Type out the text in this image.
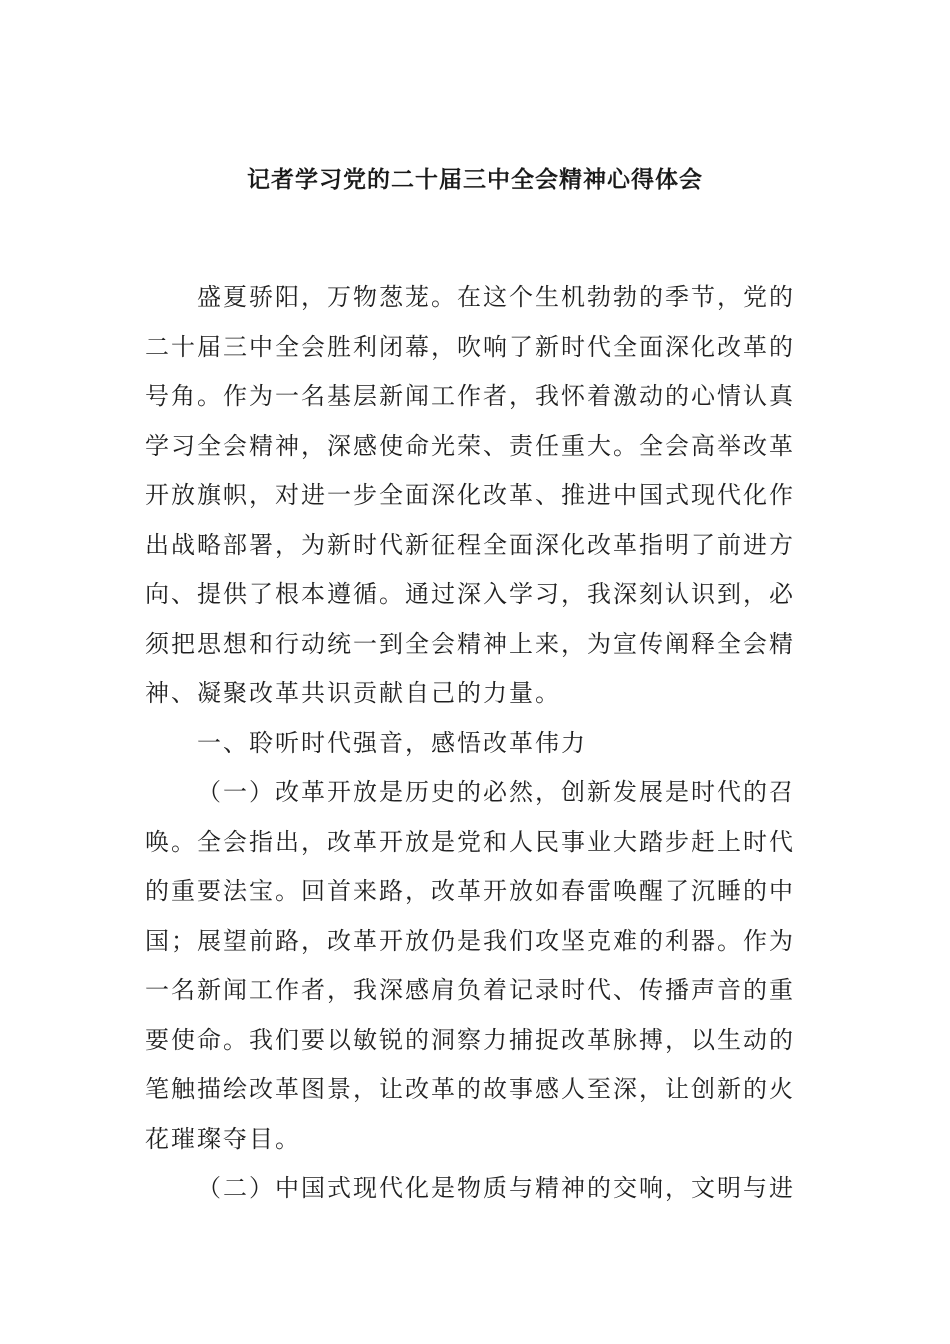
记者学习党的二十届三中全会精神心得体会

盛夏骄阳，万物葱茏。在这个生机勃勃的季节，党的
二十届三中全会胜利闭幕，吹响了新时代全面深化改革的
号角。作为一名基层新闻工作者，我怀着激动的心情认真
学习全会精神，深感使命光荣、责任重大。全会高举改革
开放旗帜，对进一步全面深化改革、推进中国式现代化作
出战略部署，为新时代新征程全面深化改革指明了前进方
向、提供了根本遵循。通过深入学习，我深刻认识到，必
须把思想和行动统一到全会精神上来，为宣传阐释全会精
神、凝聚改革共识贡献自己的力量。

一、聆听时代强音，感悟改革伟力

（一）改革开放是历史的必然，创新发展是时代的召
唤。全会指出，改革开放是党和人民事业大踏步赶上时代
的重要法宝。回首来路，改革开放如春雷唤醒了沉睡的中
国；展望前路，改革开放仍是我们攻坚克难的利器。作为
一名新闻工作者，我深感肩负着记录时代、传播声音的重
要使命。我们要以敏锐的洞察力捕捉改革脉搏，以生动的
笔触描绘改革图景，让改革的故事感人至深，让创新的火
花璀璨夺目。

（二）中国式现代化是物质与精神的交响，文明与进
